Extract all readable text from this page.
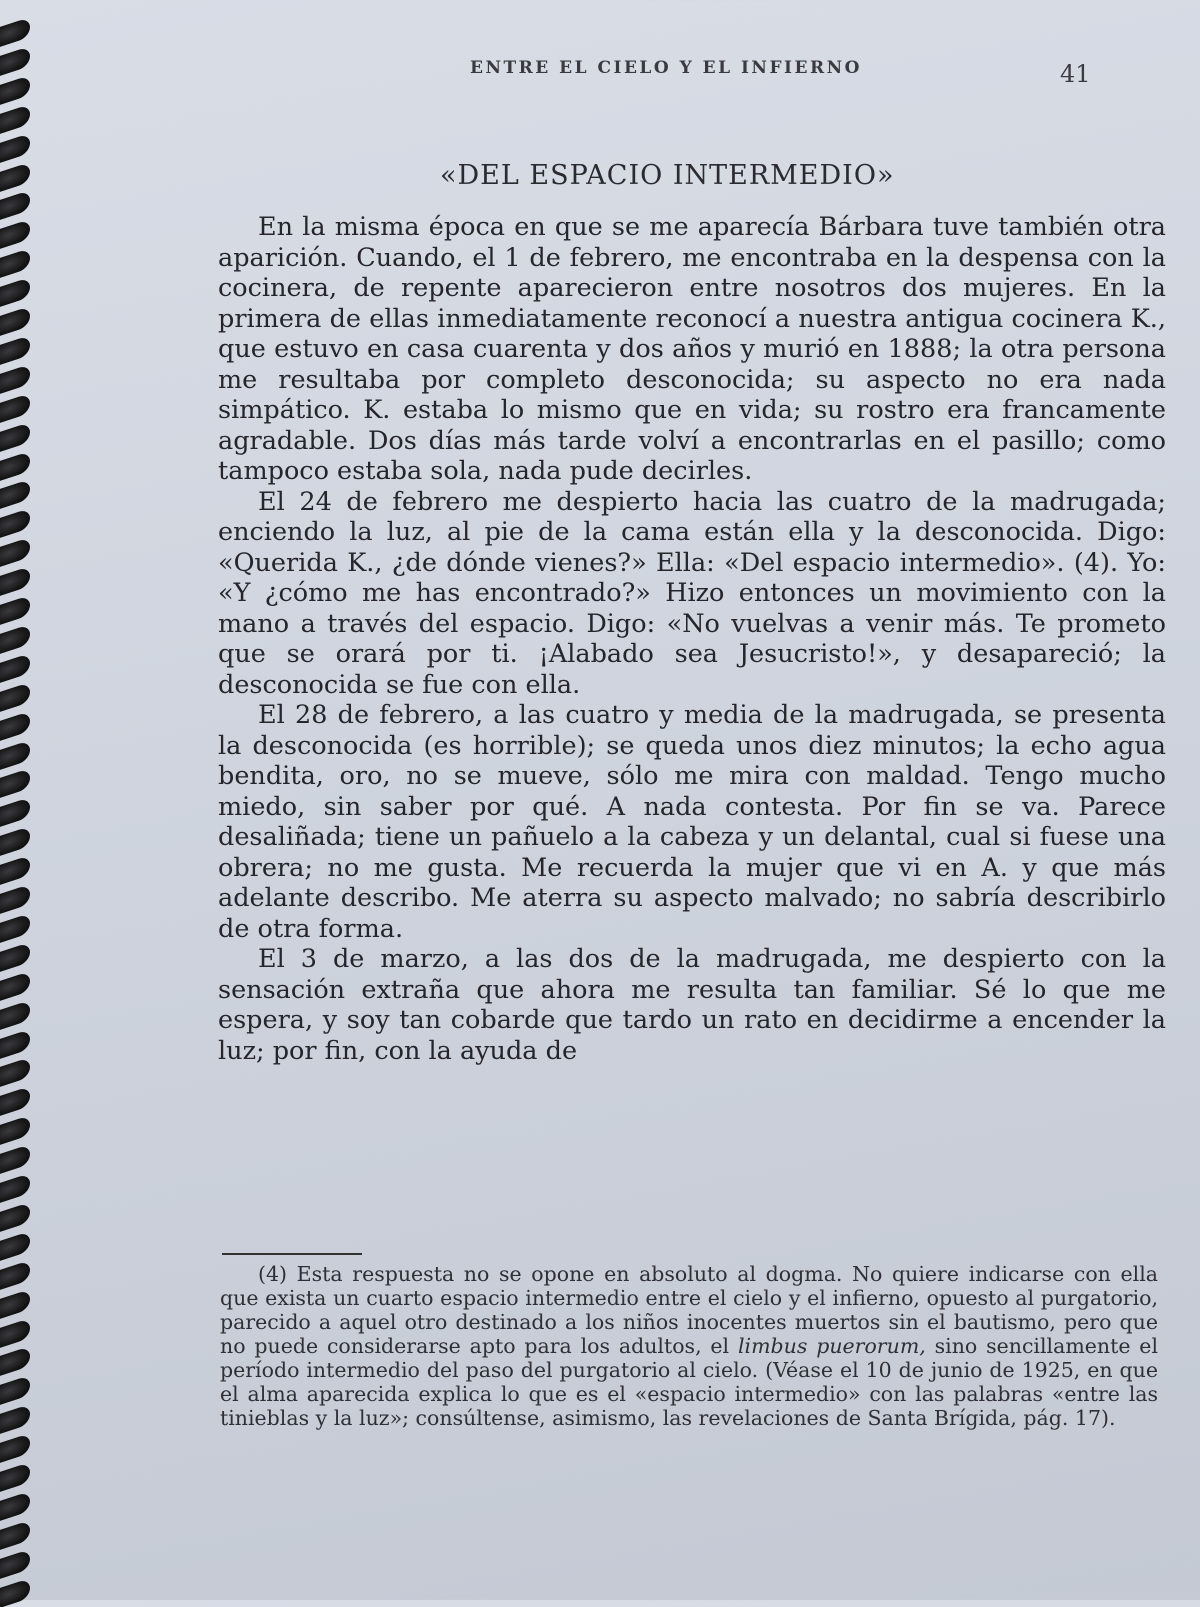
ENTRE EL CIELO Y EL INFIERNO	41
«DEL ESPACIO INTERMEDIO»

En la misma época en que se me aparecía Bárbara tuve también otra aparición. Cuando, el 1 de febrero, me encontraba en la despensa con la cocinera, de repente aparecieron entre nosotros dos mujeres. En la primera de ellas inmediatamente reconocí a nuestra antigua cocinera K., que estuvo en casa cuarenta y dos años y murió en 1888; la otra persona me resultaba por completo desconocida; su aspecto no era nada simpático. K. estaba lo mismo que en vida; su rostro era francamente agradable. Dos días más tarde volví a encontrarlas en el pasillo; como tampoco estaba sola, nada pude decirles.

El 24 de febrero me despierto hacia las cuatro de la madrugada; enciendo la luz, al pie de la cama están ella y la desconocida. Digo: «Querida K., ¿de dónde vienes?» Ella: «Del espacio intermedio». (4). Yo: «Y ¿cómo me has encontrado?» Hizo entonces un movimiento con la mano a través del espacio. Digo: «No vuelvas a venir más. Te prometo que se orará por ti. ¡Alabado sea Jesucristo!», y desapareció; la desconocida se fue con ella.

El 28 de febrero, a las cuatro y media de la madrugada, se presenta la desconocida (es horrible); se queda unos diez minutos; la echo agua bendita, oro, no se mueve, sólo me mira con maldad. Tengo mucho miedo, sin saber por qué. A nada contesta. Por fin se va. Parece desaliñada; tiene un pañuelo a la cabeza y un delantal, cual si fuese una obrera; no me gusta. Me recuerda la mujer que vi en A. y que más adelante describo. Me aterra su aspecto malvado; no sabría describirlo de otra forma.

El 3 de marzo, a las dos de la madrugada, me despierto con la sensación extraña que ahora me resulta tan familiar. Sé lo que me espera, y soy tan cobarde que tardo un rato en decidirme a encender la luz; por fin, con la ayuda de

(4) Esta respuesta no se opone en absoluto al dogma. No quiere indicarse con ella que exista un cuarto espacio intermedio entre el cielo y el infierno, opuesto al purgatorio, parecido a aquel otro destinado a los niños inocentes muertos sin el bautismo, pero que no puede considerarse apto para los adultos, el limbus puerorum, sino sencillamente el período intermedio del paso del purgatorio al cielo. (Véase el 10 de junio de 1925, en que el alma aparecida explica lo que es el «espacio intermedio» con las palabras «entre las tinieblas y la luz»; consúltense, asimismo, las revelaciones de Santa Brígida, pág. 17).
